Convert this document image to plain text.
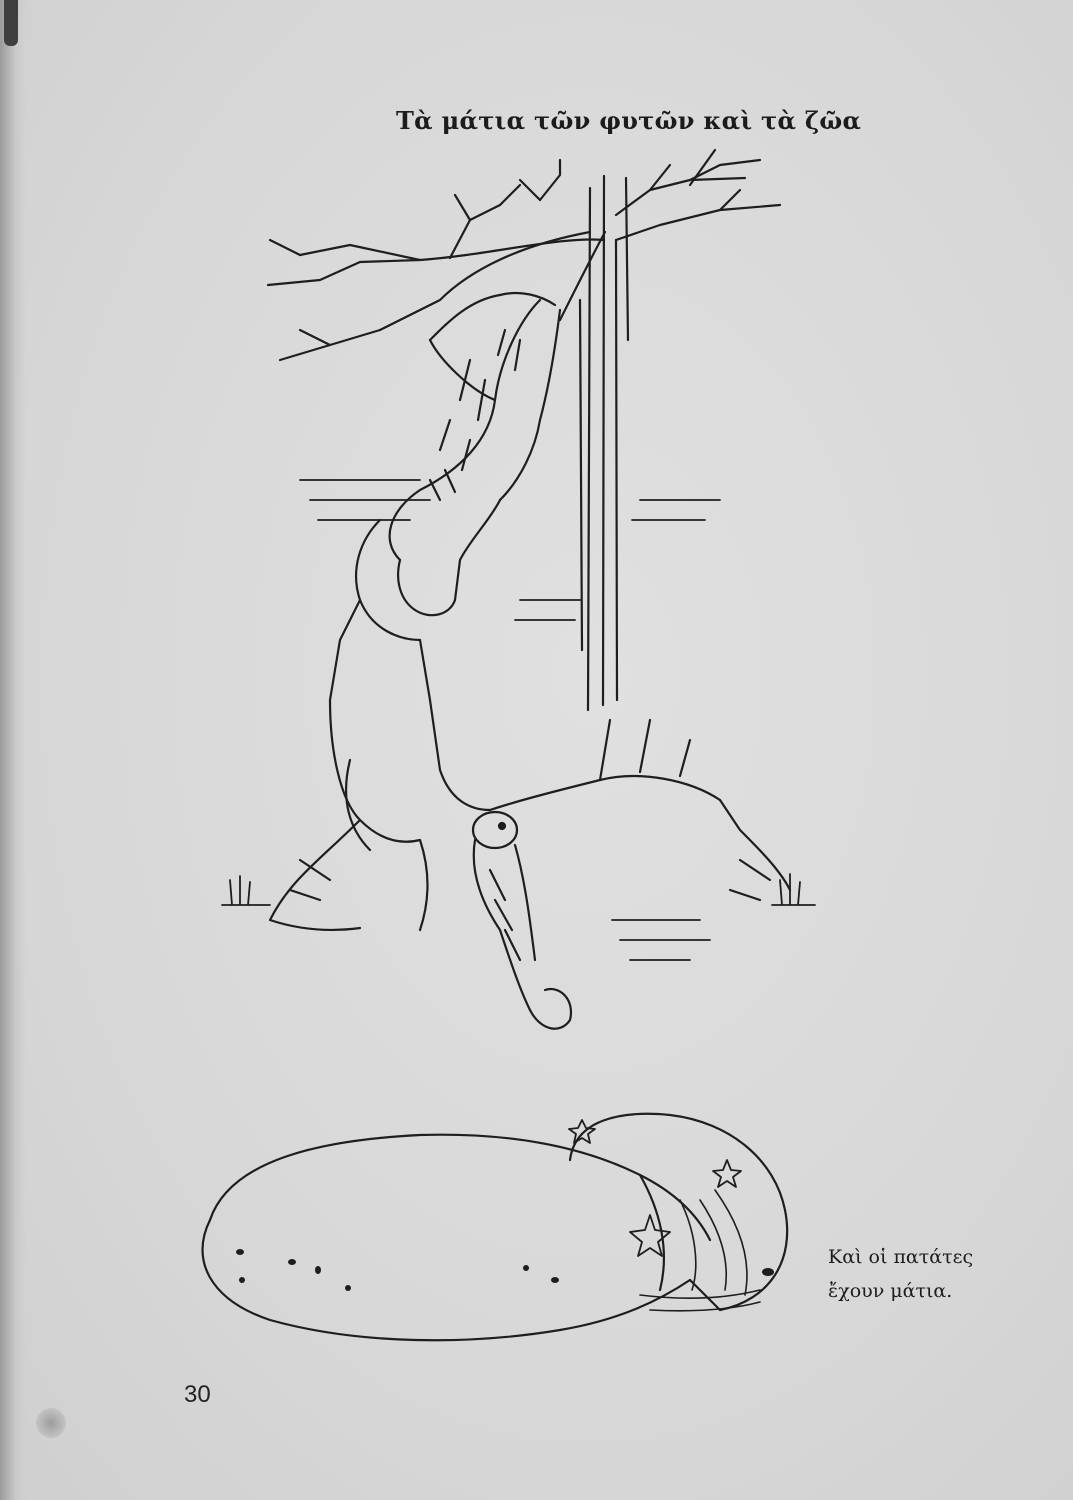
Τὰ μάτια τῶν φυτῶν καὶ τὰ ζῶα
Καὶ οἱ πατάτες
ἔχουν μάτια.
30
